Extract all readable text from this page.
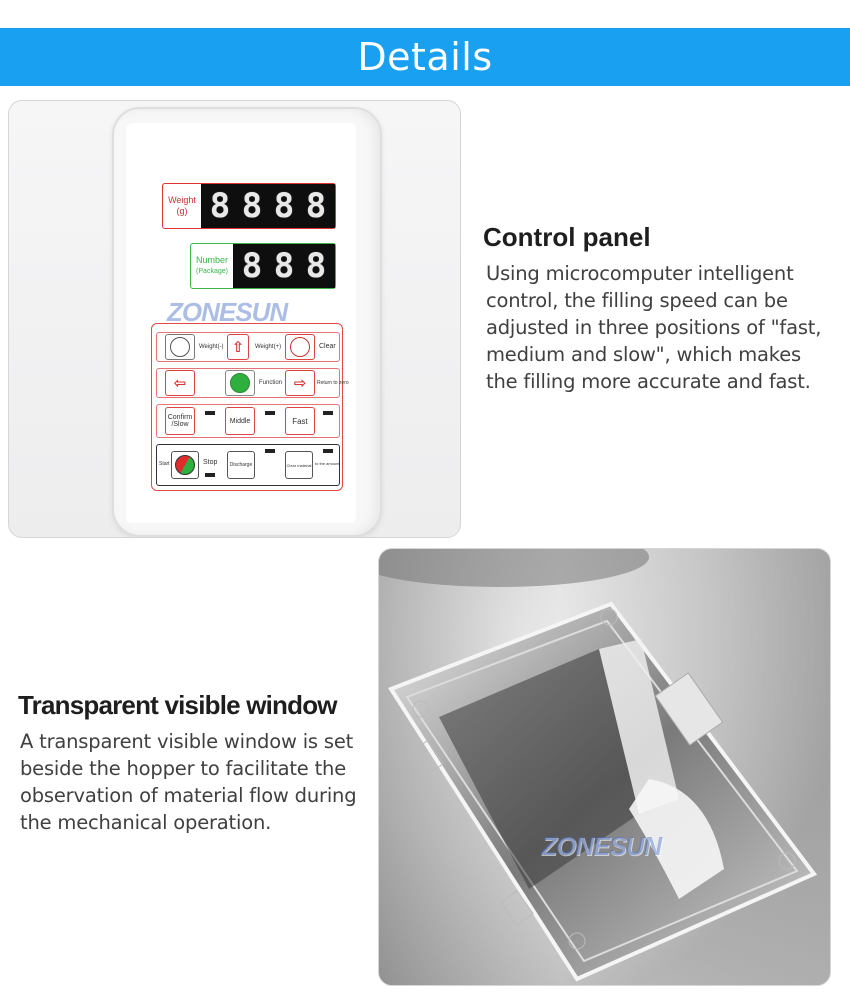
Details
Weight
(g) 8 8 8 8
Number
(Package) 8 8 8
Weight(-) ⇧ Weight(+)	Clear
⇦	Function ⇨ Return to zero
Confirm /Slow	Middle	Fast
Start	Stop	Discharge	Clear material to the amount
ZONESUN
Control panel
Using microcomputer intelligent
control, the filling speed can be
adjusted in three positions of "fast,
medium and slow", which makes
the filling more accurate and fast.
Transparent visible window
A transparent visible window is set
beside the hopper to facilitate the
observation of material flow during
the mechanical operation.
ZONESUN
